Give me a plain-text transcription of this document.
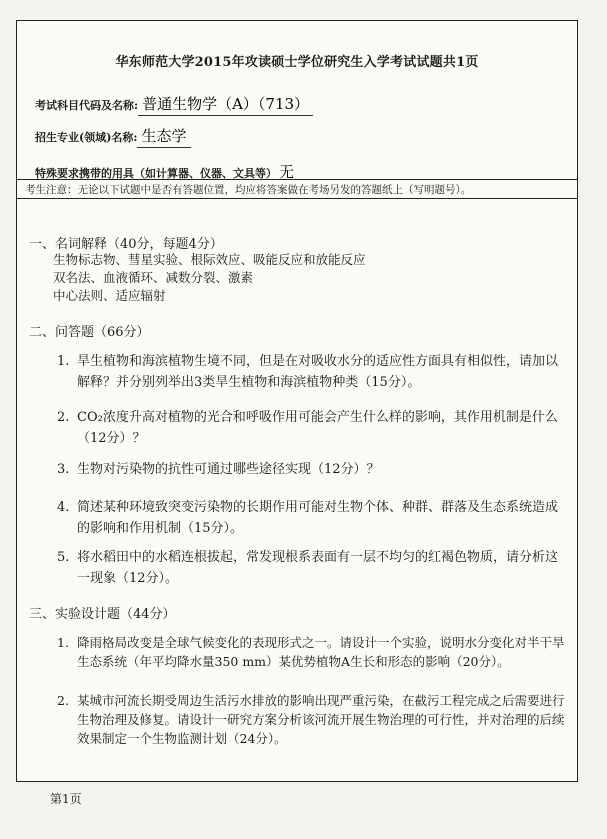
华东师范大学2015年攻读硕士学位研究生入学考试试题共1页
考试科目代码及名称: 普通生物学（A）（713）
招生专业(领域)名称: 生态学
特殊要求携带的用具（如计算器、仪器、文具等） 无
考生注意：无论以下试题中是否有答题位置，均应将答案做在考场另发的答题纸上（写明题号）。
一、名词解释（40分，每题4分）
生物标志物、彗星实验、根际效应、吸能反应和放能反应
双名法、血液循环、减数分裂、激素
中心法则、适应辐射
二、问答题（66分）
1. 旱生植物和海滨植物生境不同，但是在对吸收水分的适应性方面具有相似性，请加以解释？并分别列举出3类旱生植物和海滨植物种类（15分）。
2. CO₂浓度升高对植物的光合和呼吸作用可能会产生什么样的影响，其作用机制是什么（12分）？
3. 生物对污染物的抗性可通过哪些途径实现（12分）？
4. 简述某种环境致突变污染物的长期作用可能对生物个体、种群、群落及生态系统造成的影响和作用机制（15分）。
5. 将水稻田中的水稻连根拔起，常发现根系表面有一层不均匀的红褐色物质，请分析这一现象（12分）。
三、实验设计题（44分）
1. 降雨格局改变是全球气候变化的表现形式之一。请设计一个实验，说明水分变化对半干旱生态系统（年平均降水量350 mm）某优势植物A生长和形态的影响（20分）。
2. 某城市河流长期受周边生活污水排放的影响出现严重污染，在截污工程完成之后需要进行生物治理及修复。请设计一研究方案分析该河流开展生物治理的可行性，并对治理的后续效果制定一个生物监测计划（24分）。
第1页
